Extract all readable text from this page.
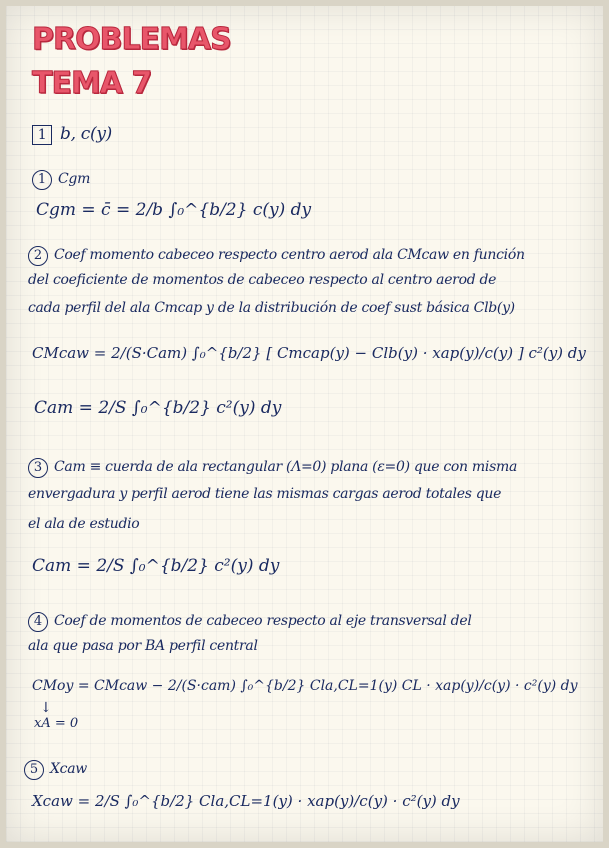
PROBLEMAS
TEMA 7
1 b, c(y)
1 Cgm
Cgm = c̄ = 2/b ∫₀^{b/2} c(y) dy
2 Coef momento cabeceo respecto centro aerod ala CMcaw en función
del coeficiente de momentos de cabeceo respecto al centro aerod de
cada perfil del ala Cmcap y de la distribución de coef sust básica Clb(y)
CMcaw = 2/(S·Cam) ∫₀^{b/2} [ Cmcap(y) − Clb(y) · xap(y)/c(y) ] c²(y) dy
Cam = 2/S ∫₀^{b/2} c²(y) dy
3 Cam ≡ cuerda de ala rectangular (Λ=0) plana (ε=0) que con misma
envergadura y perfil aerod tiene las mismas cargas aerod totales que
el ala de estudio
Cam = 2/S ∫₀^{b/2} c²(y) dy
4 Coef de momentos de cabeceo respecto al eje transversal del
ala que pasa por BA perfil central
CMoy = CMcaw − 2/(S·cam) ∫₀^{b/2} Cla,CL=1(y) CL · xap(y)/c(y) · c²(y) dy
↓
xA = 0
5 Xcaw
Xcaw = 2/S ∫₀^{b/2} Cla,CL=1(y) · xap(y)/c(y) · c²(y) dy
